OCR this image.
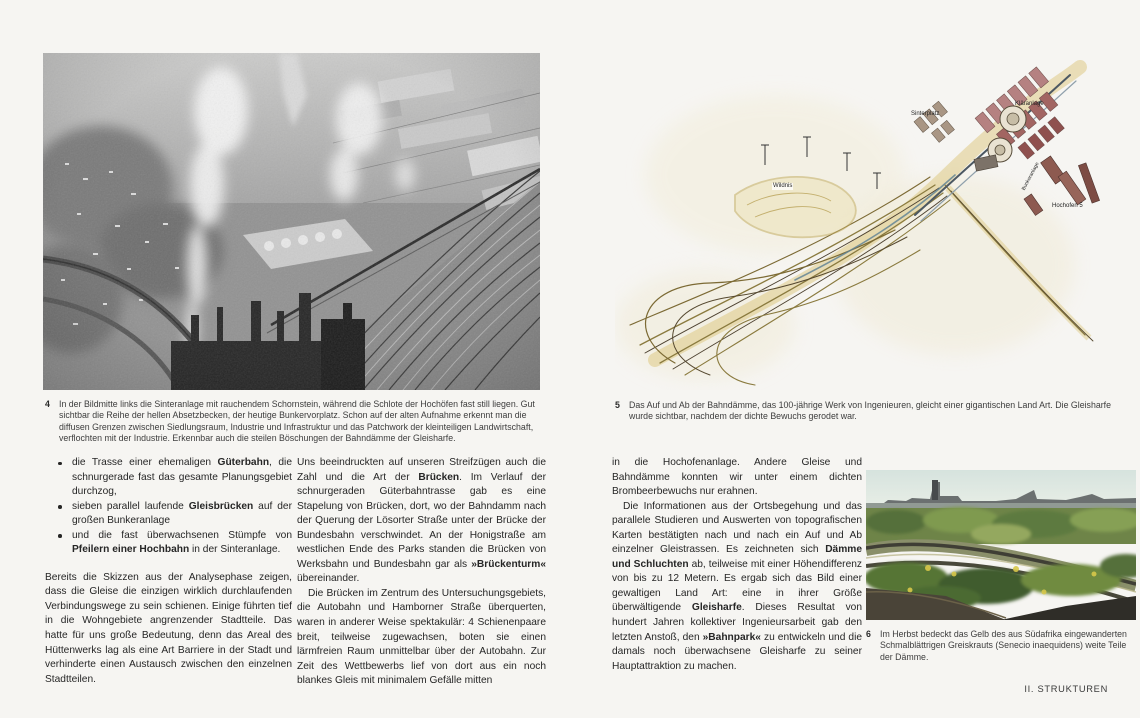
4	In der Bildmitte links die Sinteranlage mit rauchendem Schornstein, während die Schlote der Hochöfen fast still liegen. Gut sichtbar die Reihe der hellen Absetzbecken, der heutige Bunkervorplatz. Schon auf der alten Aufnahme erkennt man die diffusen Grenzen zwischen Siedlungsraum, Industrie und Infrastruktur und das Patchwork der kleinteiligen Landwirtschaft, verflochten mit der Industrie. Erkennbar auch die steilen Böschungen der Bahndämme der Gleisharfe.
die Trasse einer ehemaligen Güterbahn, die schnurgerade fast das gesamte Planungsgebiet durchzog,
sieben parallel laufende Gleisbrücken auf der großen Bunkeranlage
und die fast überwachsenen Stümpfe von Pfeilern einer Hochbahn in der Sinteranlage.

Bereits die Skizzen aus der Analysephase zeigen, dass die Gleise die einzigen wirklich durchlaufenden Verbindungswege zu sein schienen. Einige führten tief in die Wohngebiete angrenzender Stadtteile. Das hatte für uns große Bedeutung, denn das Areal des Hüttenwerks lag als eine Art Barriere in der Stadt und verhinderte einen Austausch zwischen den einzelnen Stadtteilen.

Uns beeindruckten auf unseren Streifzügen auch die Zahl und die Art der Brücken. Im Verlauf der schnurgeraden Güterbahntrasse gab es eine Stapelung von Brücken, dort, wo der Bahndamm nach der Querung der Lösorter Straße unter der Brücke der Bundesbahn verschwindet. An der Honigstraße am westlichen Ende des Parks standen die Brücken von Werksbahn und Bundesbahn gar als »Brückenturm« übereinander.

Die Brücken im Zentrum des Untersuchungsgebiets, die Autobahn und Hamborner Straße überquerten, waren in anderer Weise spektakulär: 4 Schienenpaare breit, teilweise zugewachsen, boten sie einen lärmfreien Raum unmittelbar über der Autobahn. Zur Zeit des Wettbewerbs lief von dort aus ein noch blankes Gleis mit minimalem Gefälle mitten

Sinterplatz
Kläranlage
Wildnis
Hochofen 5
Bunkeranlage
5	Das Auf und Ab der Bahndämme, das 100-jährige Werk von Ingenieuren, gleicht einer gigantischen Land Art. Die Gleisharfe wurde sichtbar, nachdem der dichte Bewuchs gerodet war.

in die Hochofenanlage. Andere Gleise und Bahndämme konnten wir unter einem dichten Brombeerbewuchs nur erahnen.

Die Informationen aus der Ortsbegehung und das parallele Studieren und Auswerten von topografischen Karten bestätigten nach und nach ein Auf und Ab einzelner Gleistrassen. Es zeichneten sich Dämme und Schluchten ab, teilweise mit einer Höhendifferenz von bis zu 12 Metern. Es ergab sich das Bild einer gewaltigen Land Art: eine in ihrer Größe überwältigende Gleisharfe. Dieses Resultat von hundert Jahren kollektiver Ingenieursarbeit gab den letzten Anstoß, den »Bahnpark« zu entwickeln und die damals noch überwachsene Gleisharfe zu seiner Hauptattraktion zu machen.

6	Im Herbst bedeckt das Gelb des aus Südafrika eingewanderten Schmalblättrigen Greiskrauts (Senecio inaequidens) weite Teile der Dämme.
II. STRUKTUREN
